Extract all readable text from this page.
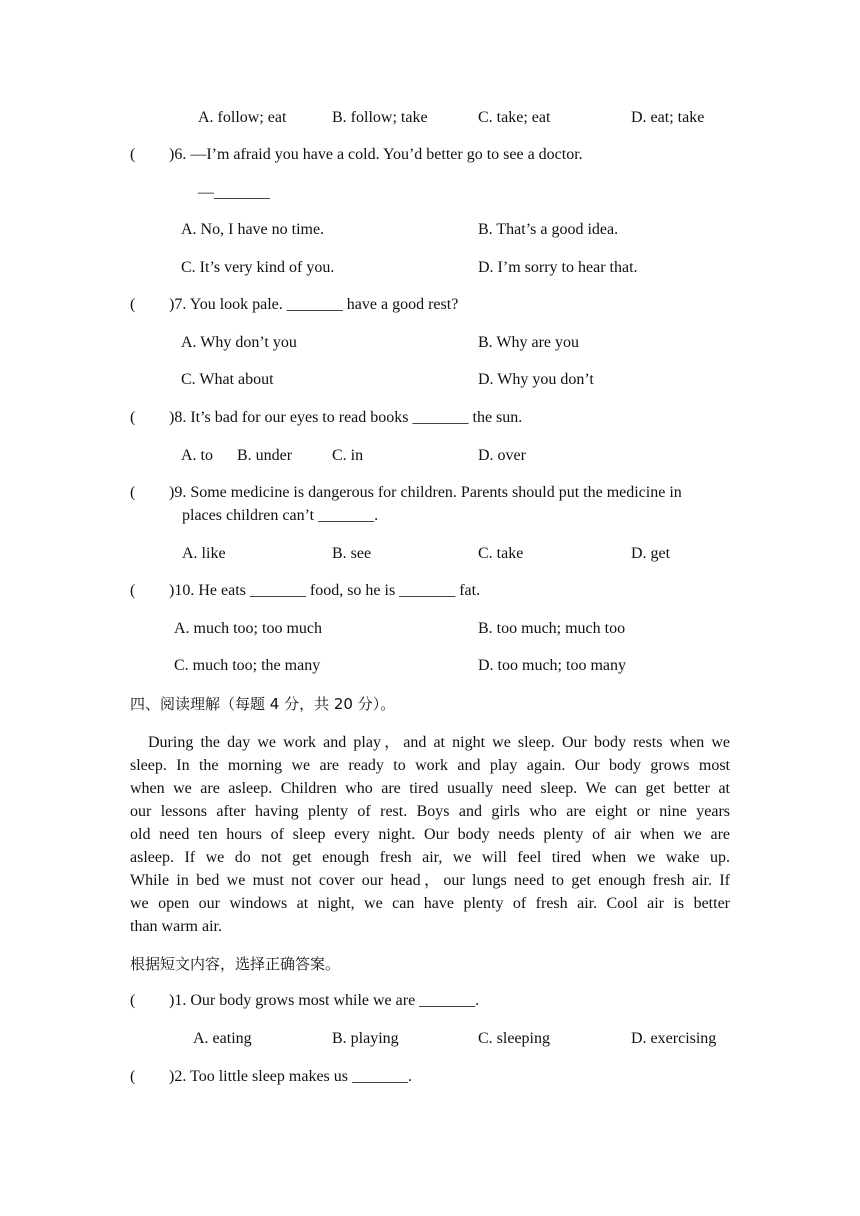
A. follow; eat	B. follow; take	C. take; eat	D. eat; take
( )6. —I’m afraid you have a cold. You’d better go to see a doctor.
—_______
A. No, I have no time.	B. That’s a good idea.
C. It’s very kind of you.	D. I’m sorry to hear that.
( )7. You look pale. _______ have a good rest?
A. Why don’t you	B. Why are you
C. What about	D. Why you don’t
( )8. It’s bad for our eyes to read books _______ the sun.
A. to B. under C. in	D. over
( )9. Some medicine is dangerous for children. Parents should put the medicine in
places children can’t _______.
A. like	B. see	C. take	D. get
( )10. He eats _______ food, so he is _______ fat.
A. much too; too much	B. too much; much too
C. much too; the many	D. too much; too many
四、阅读理解（每题 4 分，共 20 分）。
During the day we work and play，and at night we sleep. Our body rests when we
sleep. In the morning we are ready to work and play again. Our body grows most
when we are asleep. Children who are tired usually need sleep. We can get better at
our lessons after having plenty of rest. Boys and girls who are eight or nine years
old need ten hours of sleep every night. Our body needs plenty of air when we are
asleep. If we do not get enough fresh air, we will feel tired when we wake up.
While in bed we must not cover our head，our lungs need to get enough fresh air. If
we open our windows at night, we can have plenty of fresh air. Cool air is better
than warm air.
根据短文内容，选择正确答案。
( )1. Our body grows most while we are _______.
A. eating	B. playing	C. sleeping	D. exercising
( )2. Too little sleep makes us _______.
